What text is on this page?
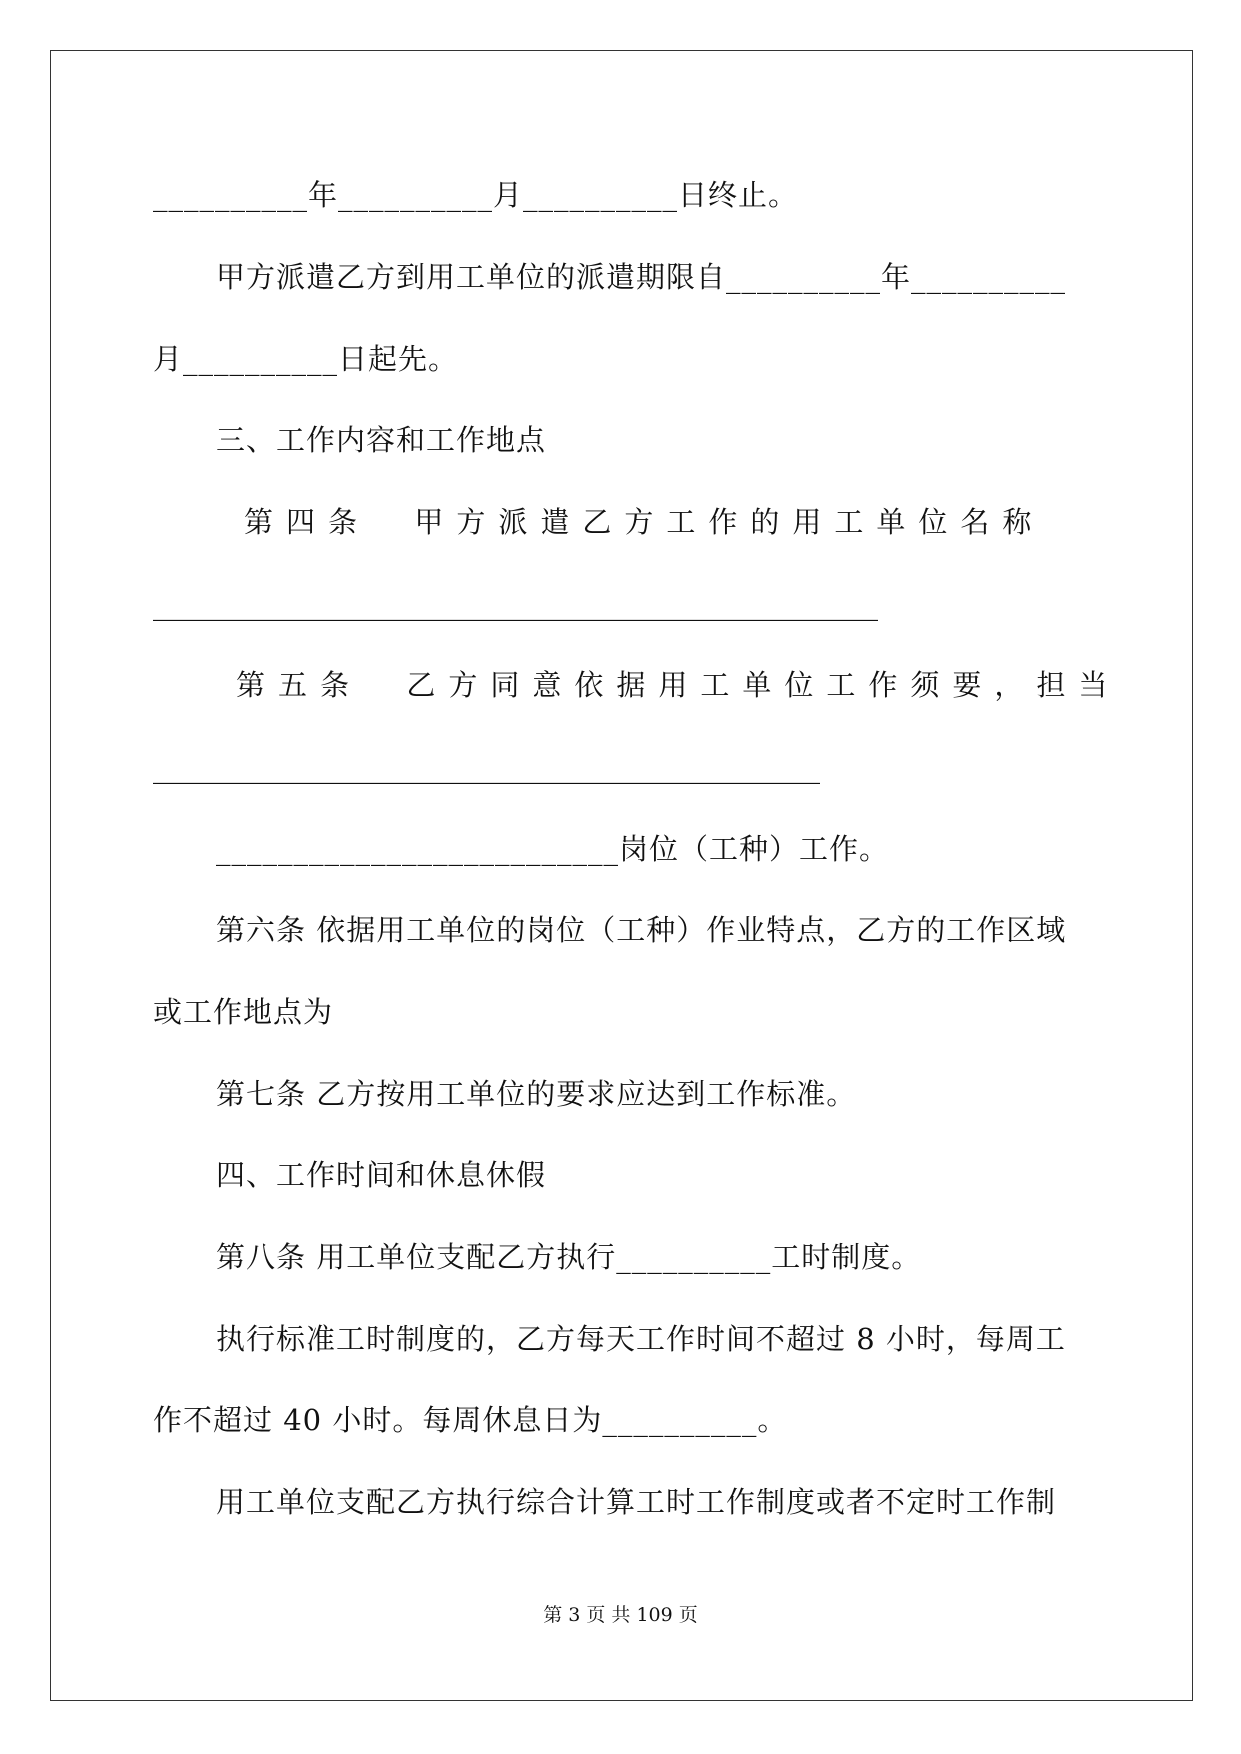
__________年__________月__________日终止。
甲方派遣乙方到用工单位的派遣期限自__________年__________
月__________日起先。
三、工作内容和工作地点
第四条  甲方派遣乙方工作的用工单位名称
__________________________________________________
第五条  乙方同意依据用工单位工作须要，担当
______________________________________________
__________________________岗位（工种）工作。
第六条 依据用工单位的岗位（工种）作业特点，乙方的工作区域
或工作地点为
第七条 乙方按用工单位的要求应达到工作标准。
四、工作时间和休息休假
第八条 用工单位支配乙方执行__________工时制度。
执行标准工时制度的，乙方每天工作时间不超过 8 小时，每周工
作不超过 40 小时。每周休息日为__________。
用工单位支配乙方执行综合计算工时工作制度或者不定时工作制
第 3 页 共 109 页
